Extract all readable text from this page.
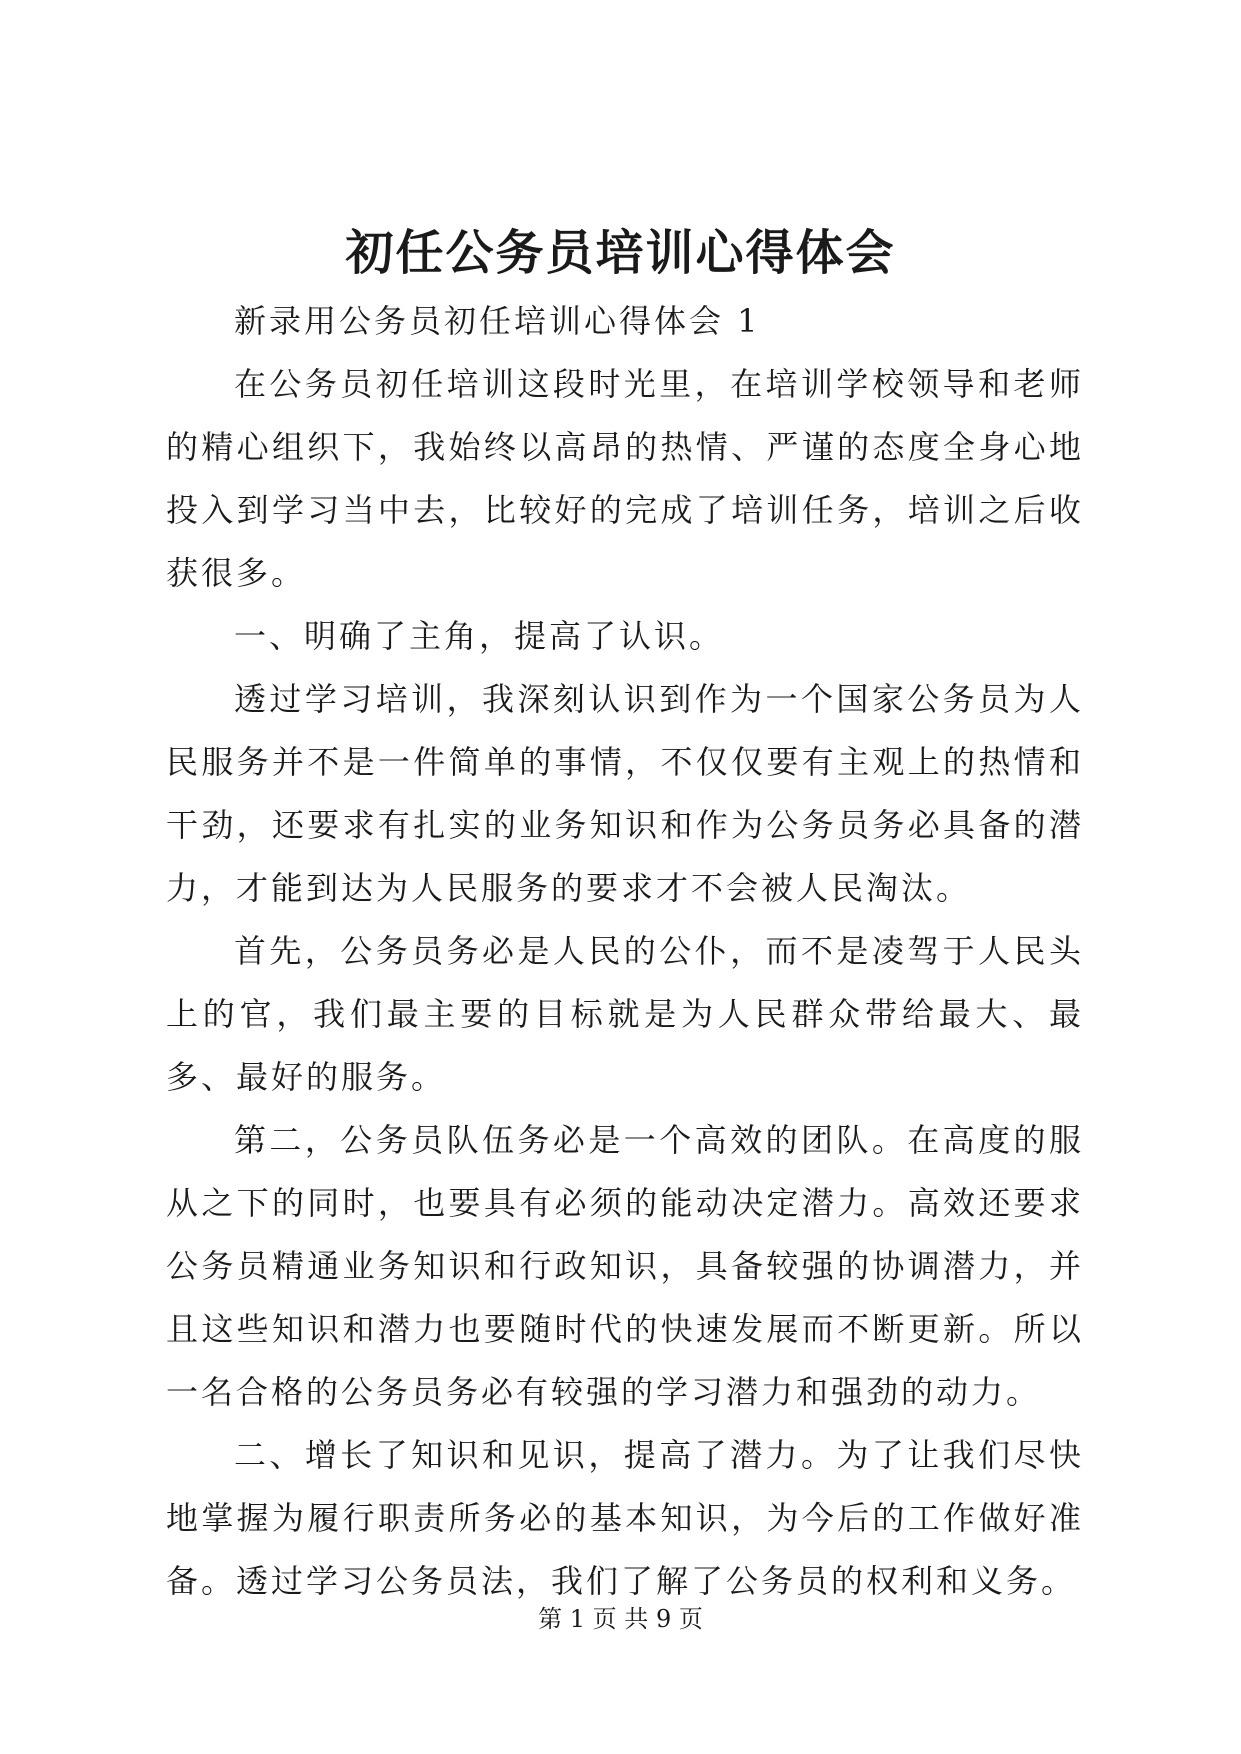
初任公务员培训心得体会

新录用公务员初任培训心得体会 1

在公务员初任培训这段时光里，在培训学校领导和老师的精心组织下，我始终以高昂的热情、严谨的态度全身心地投入到学习当中去，比较好的完成了培训任务，培训之后收获很多。

一、明确了主角，提高了认识。

透过学习培训，我深刻认识到作为一个国家公务员为人民服务并不是一件简单的事情，不仅仅要有主观上的热情和干劲，还要求有扎实的业务知识和作为公务员务必具备的潜力，才能到达为人民服务的要求才不会被人民淘汰。

首先，公务员务必是人民的公仆，而不是凌驾于人民头上的官，我们最主要的目标就是为人民群众带给最大、最多、最好的服务。

第二，公务员队伍务必是一个高效的团队。在高度的服从之下的同时，也要具有必须的能动决定潜力。高效还要求公务员精通业务知识和行政知识，具备较强的协调潜力，并且这些知识和潜力也要随时代的快速发展而不断更新。所以一名合格的公务员务必有较强的学习潜力和强劲的动力。

二、增长了知识和见识，提高了潜力。为了让我们尽快地掌握为履行职责所务必的基本知识，为今后的工作做好准备。透过学习公务员法，我们了解了公务员的权利和义务。

第 1 页 共 9 页
